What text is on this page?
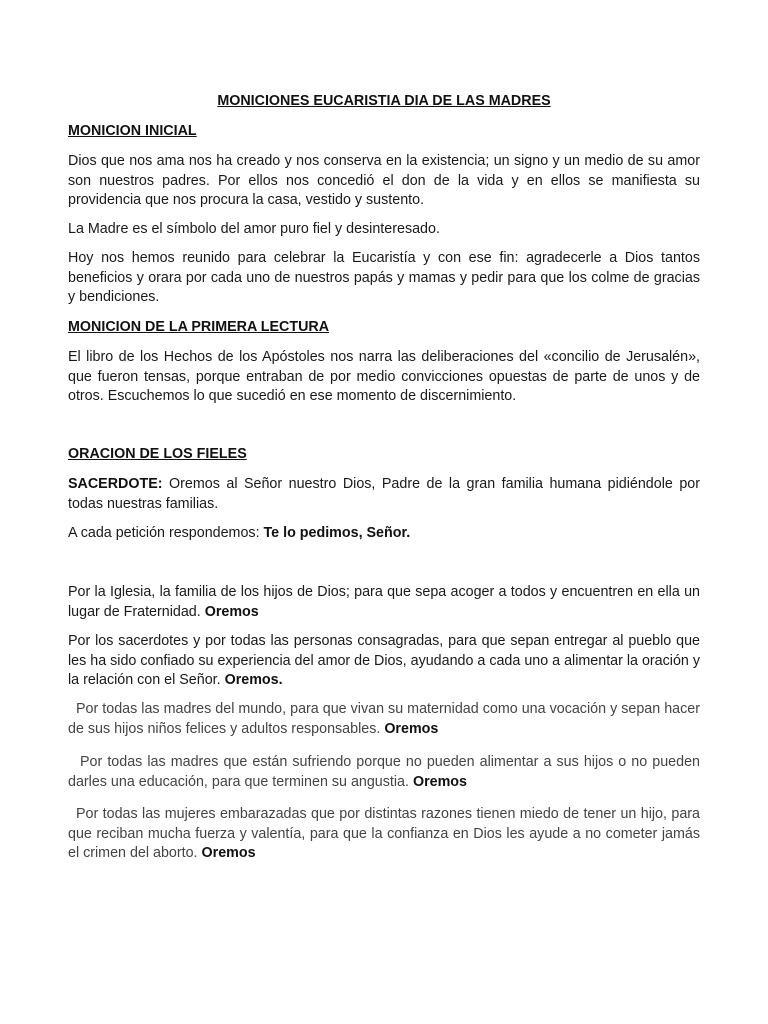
MONICIONES EUCARISTIA DIA DE LAS MADRES
MONICION INICIAL

Dios que nos ama nos ha creado y nos conserva en la existencia; un signo y un medio de su amor son nuestros padres. Por ellos nos concedió el don de la vida y en ellos se manifiesta su providencia que nos procura la casa, vestido y sustento.

La Madre es el símbolo del amor puro fiel y desinteresado.

Hoy nos hemos reunido para celebrar la Eucaristía y con ese fin: agradecerle a Dios tantos beneficios y orara por cada uno de nuestros papás y mamas y pedir para que los colme de gracias y bendiciones.

MONICION DE LA PRIMERA LECTURA

El libro de los Hechos de los Apóstoles nos narra las deliberaciones del «concilio de Jerusalén», que fueron tensas, porque entraban de por medio convicciones opuestas de parte de unos y de otros. Escuchemos lo que sucedió en ese momento de discernimiento.

ORACION DE LOS FIELES

SACERDOTE: Oremos al Señor nuestro Dios, Padre de la gran familia humana pidiéndole por todas nuestras familias.

A cada petición respondemos: Te lo pedimos, Señor.

Por la Iglesia, la familia de los hijos de Dios; para que sepa acoger a todos y encuentren en ella un lugar de Fraternidad. Oremos

Por los sacerdotes y por todas las personas consagradas, para que sepan entregar al pueblo que les ha sido confiado su experiencia del amor de Dios, ayudando a cada uno a alimentar la oración y la relación con el Señor. Oremos.

Por todas las madres del mundo, para que vivan su maternidad como una vocación y sepan hacer de sus hijos niños felices y adultos responsables. Oremos

Por todas las madres que están sufriendo porque no pueden alimentar a sus hijos o no pueden darles una educación, para que terminen su angustia. Oremos

Por todas las mujeres embarazadas que por distintas razones tienen miedo de tener un hijo, para que reciban mucha fuerza y valentía, para que la confianza en Dios les ayude a no cometer jamás el crimen del aborto. Oremos
